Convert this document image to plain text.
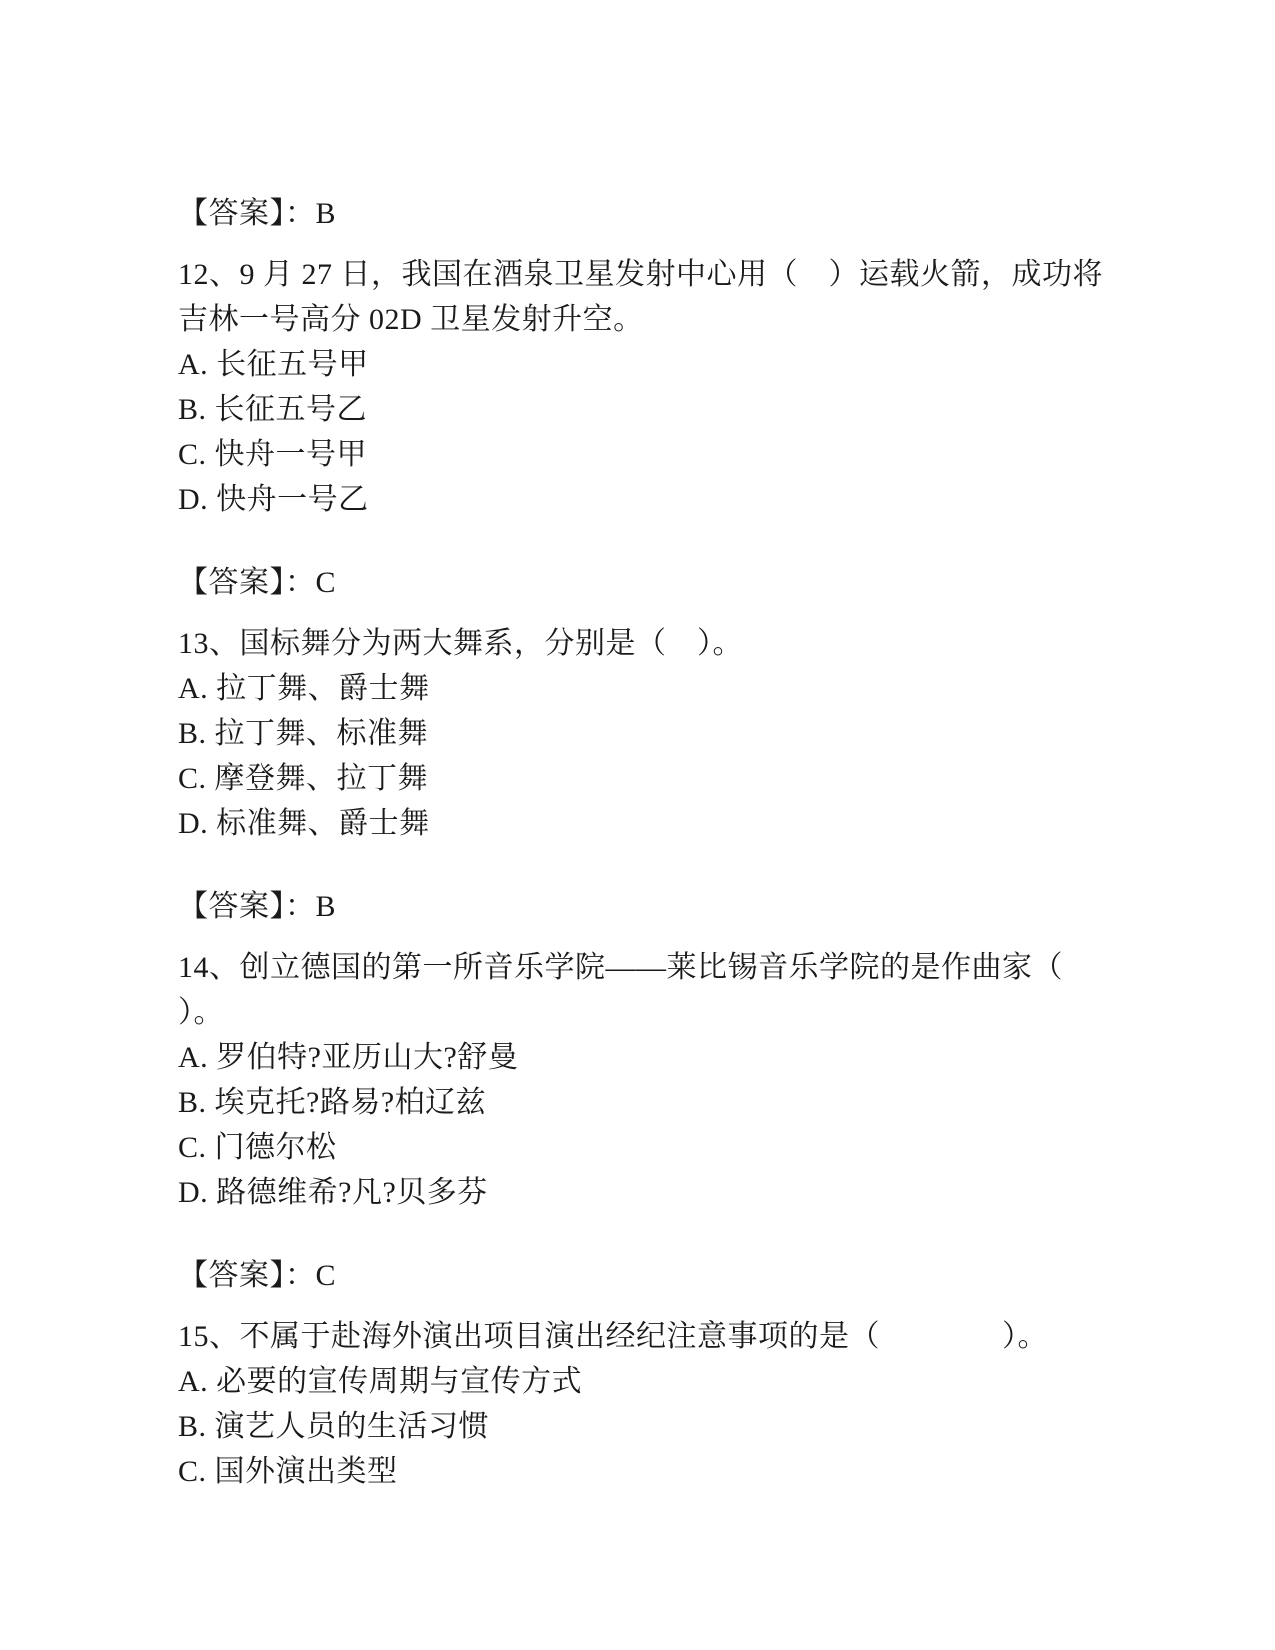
【答案】：B
12、9 月 27 日，我国在酒泉卫星发射中心用（　）运载火箭，成功将
吉林一号高分 02D 卫星发射升空。
A. 长征五号甲
B. 长征五号乙
C. 快舟一号甲
D. 快舟一号乙
【答案】：C
13、国标舞分为两大舞系，分别是（　）。
A. 拉丁舞、爵士舞
B. 拉丁舞、标准舞
C. 摩登舞、拉丁舞
D. 标准舞、爵士舞
【答案】：B
14、创立德国的第一所音乐学院——莱比锡音乐学院的是作曲家（
）。
A. 罗伯特?亚历山大?舒曼
B. 埃克托?路易?柏辽兹
C. 门德尔松
D. 路德维希?凡?贝多芬
【答案】：C
15、不属于赴海外演出项目演出经纪注意事项的是（　　　　）。
A. 必要的宣传周期与宣传方式
B. 演艺人员的生活习惯
C. 国外演出类型
